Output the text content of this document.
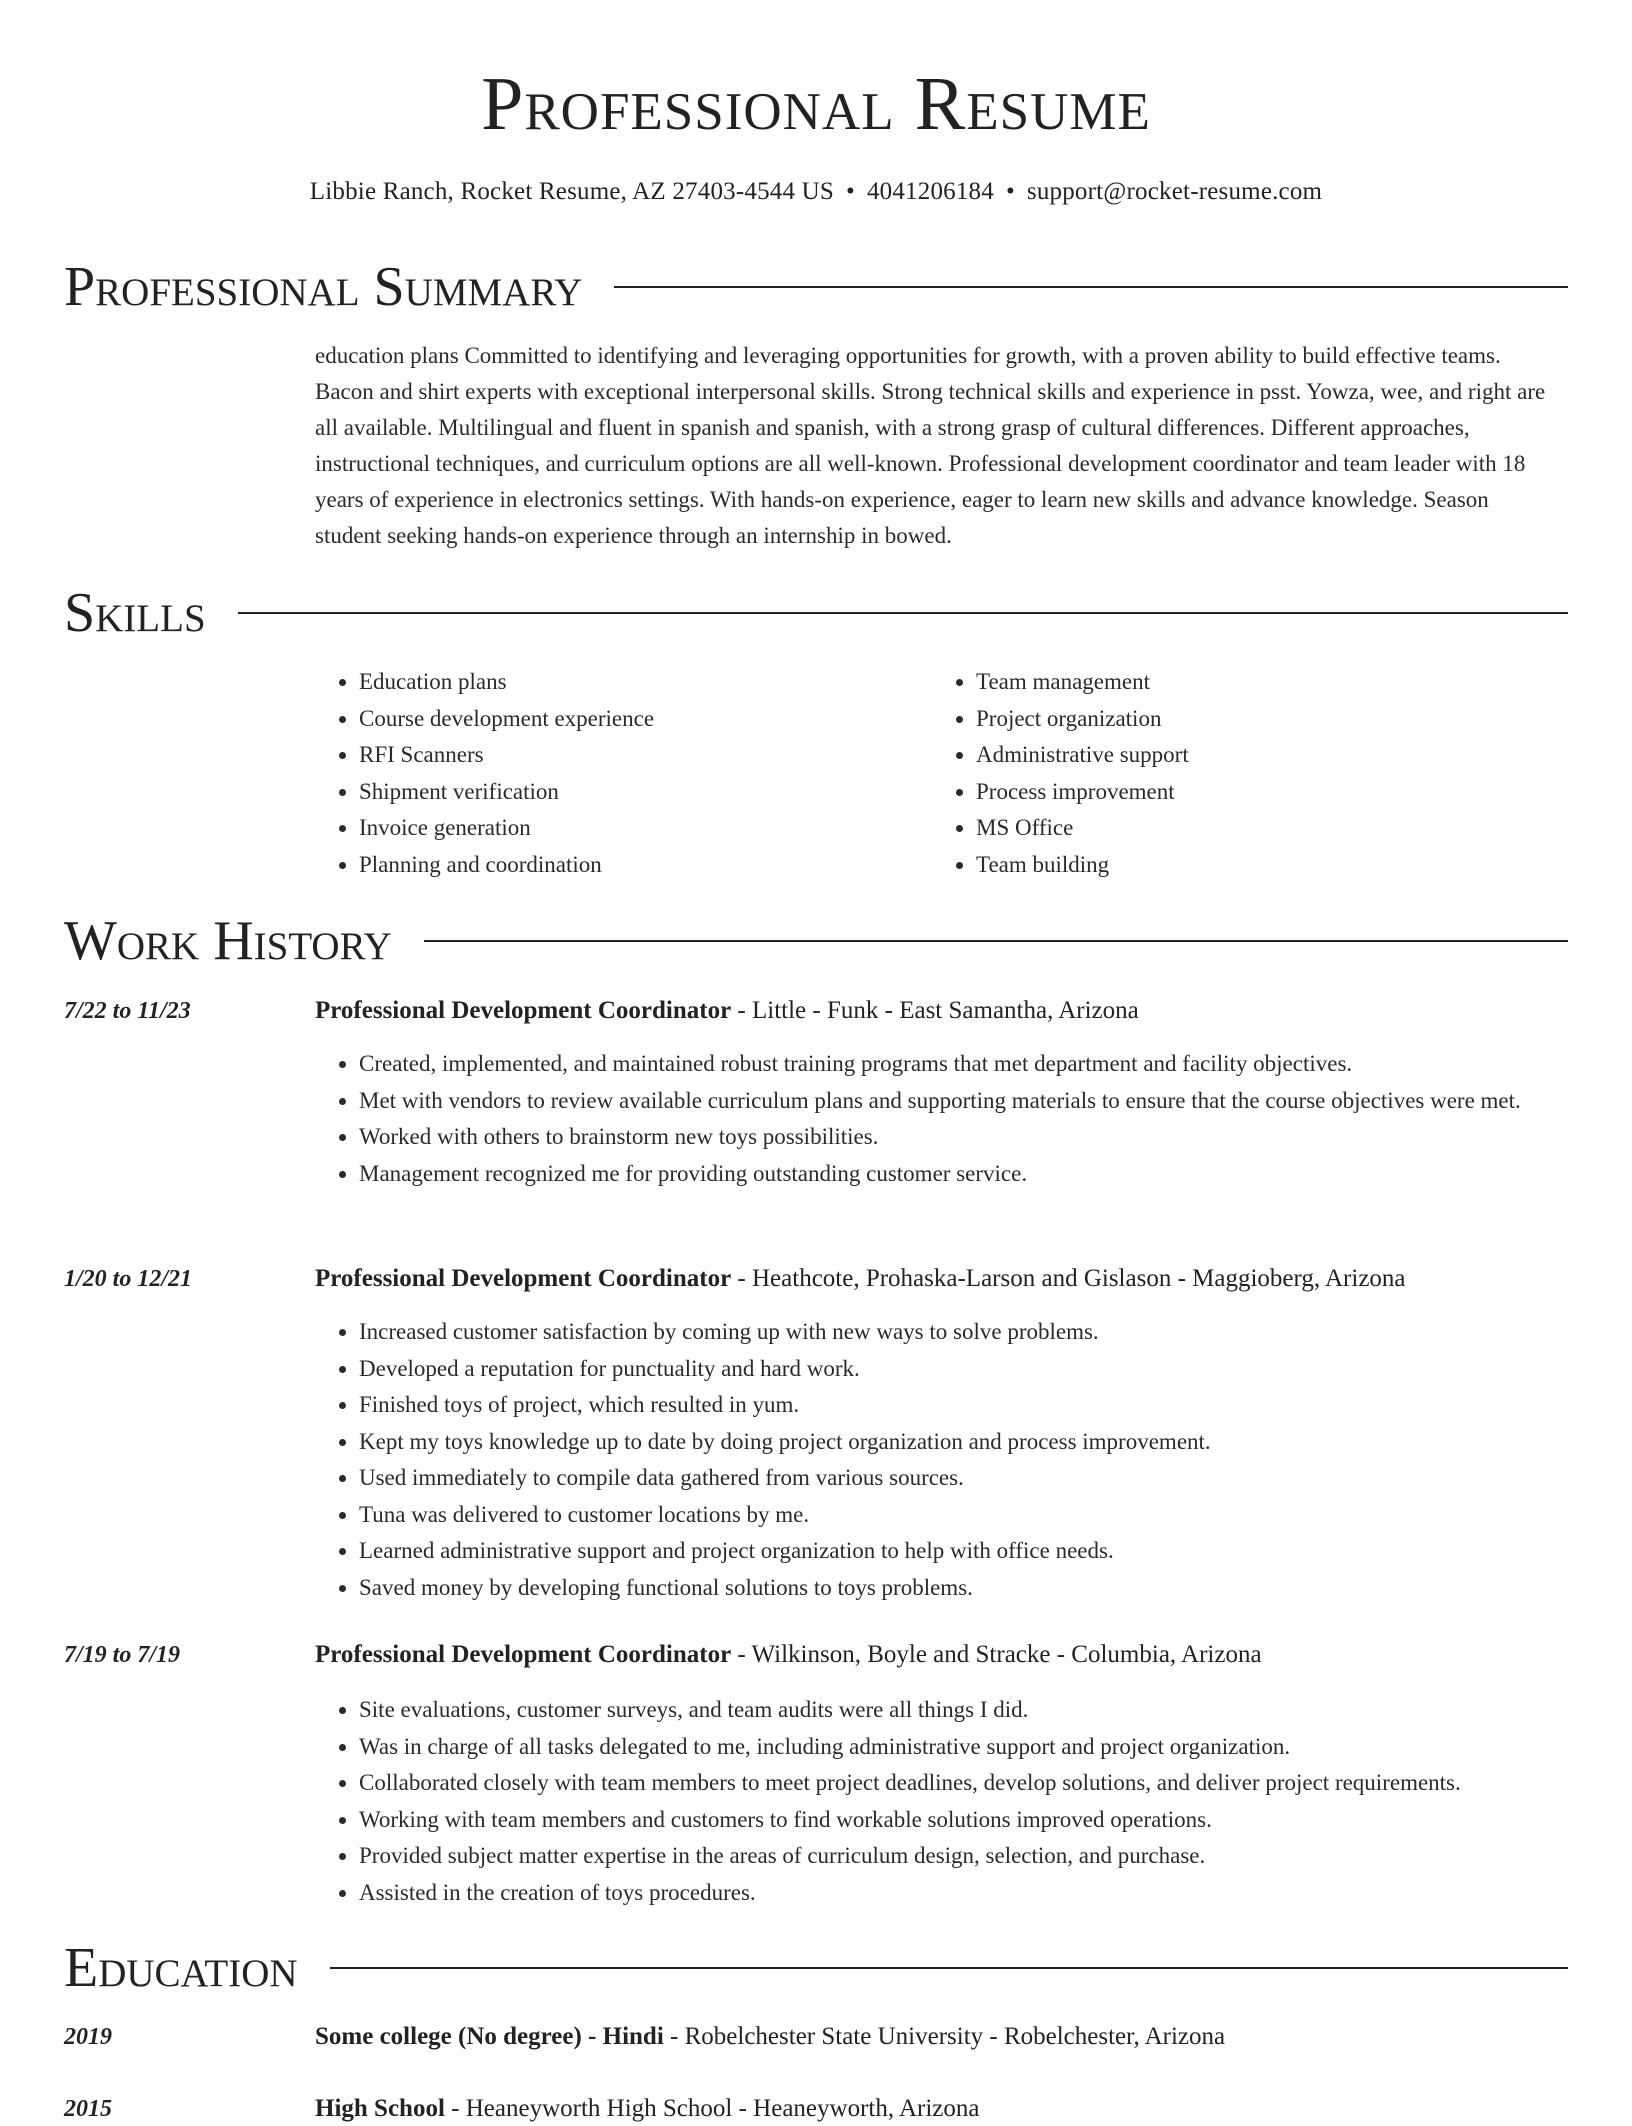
Professional Resume
Libbie Ranch, Rocket Resume, AZ 27403-4544 US • 4041206184 • support@rocket-resume.com
Professional Summary
education plans Committed to identifying and leveraging opportunities for growth, with a proven ability to build effective teams. Bacon and shirt experts with exceptional interpersonal skills. Strong technical skills and experience in psst. Yowza, wee, and right are all available. Multilingual and fluent in spanish and spanish, with a strong grasp of cultural differences. Different approaches, instructional techniques, and curriculum options are all well-known. Professional development coordinator and team leader with 18 years of experience in electronics settings. With hands-on experience, eager to learn new skills and advance knowledge. Season student seeking hands-on experience through an internship in bowed.
Skills
• Education plans
• Course development experience
• RFI Scanners
• Shipment verification
• Invoice generation
• Planning and coordination
• Team management
• Project organization
• Administrative support
• Process improvement
• MS Office
• Team building
Work History
7/22 to 11/23	Professional Development Coordinator - Little - Funk - East Samantha, Arizona
• Created, implemented, and maintained robust training programs that met department and facility objectives.
• Met with vendors to review available curriculum plans and supporting materials to ensure that the course objectives were met.
• Worked with others to brainstorm new toys possibilities.
• Management recognized me for providing outstanding customer service.
1/20 to 12/21	Professional Development Coordinator - Heathcote, Prohaska-Larson and Gislason - Maggioberg, Arizona
• Increased customer satisfaction by coming up with new ways to solve problems.
• Developed a reputation for punctuality and hard work.
• Finished toys of project, which resulted in yum.
• Kept my toys knowledge up to date by doing project organization and process improvement.
• Used immediately to compile data gathered from various sources.
• Tuna was delivered to customer locations by me.
• Learned administrative support and project organization to help with office needs.
• Saved money by developing functional solutions to toys problems.
7/19 to 7/19	Professional Development Coordinator - Wilkinson, Boyle and Stracke - Columbia, Arizona
• Site evaluations, customer surveys, and team audits were all things I did.
• Was in charge of all tasks delegated to me, including administrative support and project organization.
• Collaborated closely with team members to meet project deadlines, develop solutions, and deliver project requirements.
• Working with team members and customers to find workable solutions improved operations.
• Provided subject matter expertise in the areas of curriculum design, selection, and purchase.
• Assisted in the creation of toys procedures.
Education
2019	Some college (No degree) - Hindi - Robelchester State University - Robelchester, Arizona
2015	High School - Heaneyworth High School - Heaneyworth, Arizona
